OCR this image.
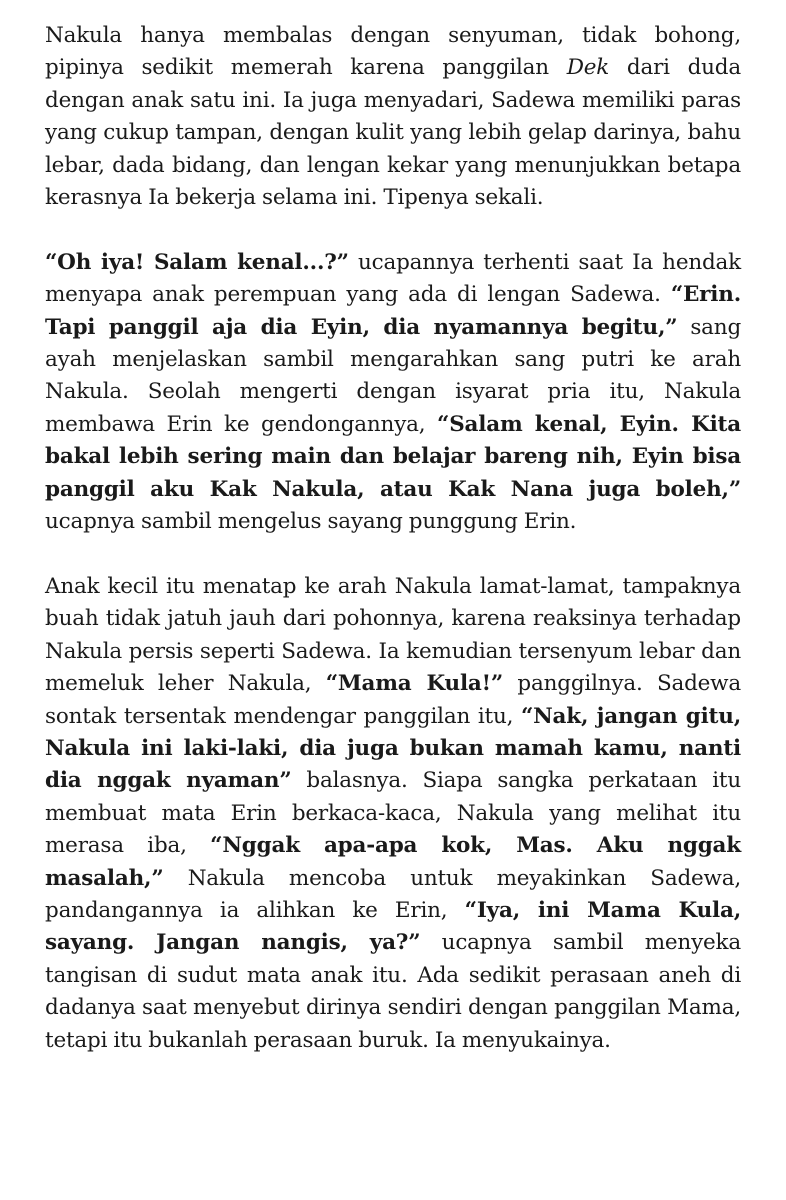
Nakula hanya membalas dengan senyuman, tidak bohong, pipinya sedikit memerah karena panggilan Dek dari duda dengan anak satu ini. Ia juga menyadari, Sadewa memiliki paras yang cukup tampan, dengan kulit yang lebih gelap darinya, bahu lebar, dada bidang, dan lengan kekar yang menunjukkan betapa kerasnya Ia bekerja selama ini. Tipenya sekali.

“Oh iya! Salam kenal...?” ucapannya terhenti saat Ia hendak menyapa anak perempuan yang ada di lengan Sadewa. “Erin. Tapi panggil aja dia Eyin, dia nyamannya begitu,” sang ayah menjelaskan sambil mengarahkan sang putri ke arah Nakula. Seolah mengerti dengan isyarat pria itu, Nakula membawa Erin ke gendongannya, “Salam kenal, Eyin. Kita bakal lebih sering main dan belajar bareng nih, Eyin bisa panggil aku Kak Nakula, atau Kak Nana juga boleh,” ucapnya sambil mengelus sayang punggung Erin.

Anak kecil itu menatap ke arah Nakula lamat-lamat, tampaknya buah tidak jatuh jauh dari pohonnya, karena reaksinya terhadap Nakula persis seperti Sadewa. Ia kemudian tersenyum lebar dan memeluk leher Nakula, “Mama Kula!” panggilnya. Sadewa sontak tersentak mendengar panggilan itu, “Nak, jangan gitu, Nakula ini laki-laki, dia juga bukan mamah kamu, nanti dia nggak nyaman” balasnya. Siapa sangka perkataan itu membuat mata Erin berkaca-kaca, Nakula yang melihat itu merasa iba, “Nggak apa-apa kok, Mas. Aku nggak masalah,” Nakula mencoba untuk meyakinkan Sadewa, pandangannya ia alihkan ke Erin, “Iya, ini Mama Kula, sayang. Jangan nangis, ya?” ucapnya sambil menyeka tangisan di sudut mata anak itu. Ada sedikit perasaan aneh di dadanya saat menyebut dirinya sendiri dengan panggilan Mama, tetapi itu bukanlah perasaan buruk. Ia menyukainya.
